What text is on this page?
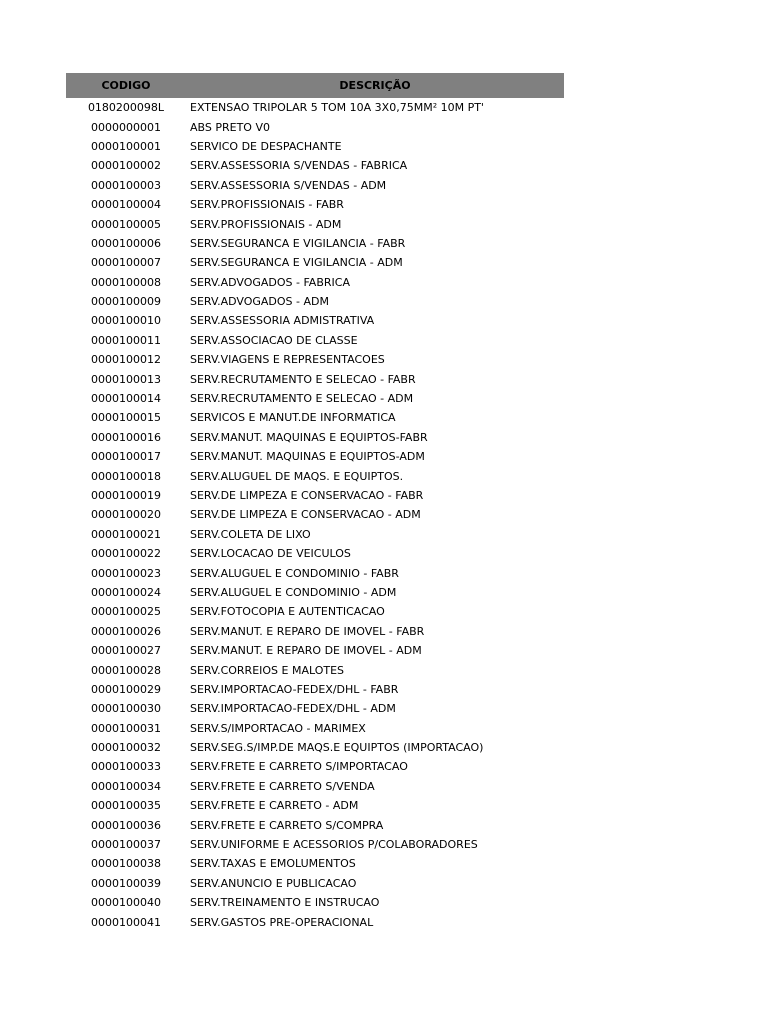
CODIGO	DESCRIÇÃO
0180200098L	EXTENSAO TRIPOLAR 5 TOM 10A 3X0,75MM² 10M PT'
0000000001	ABS PRETO V0
0000100001	SERVICO DE DESPACHANTE
0000100002	SERV.ASSESSORIA S/VENDAS - FABRICA
0000100003	SERV.ASSESSORIA S/VENDAS - ADM
0000100004	SERV.PROFISSIONAIS - FABR
0000100005	SERV.PROFISSIONAIS - ADM
0000100006	SERV.SEGURANCA E VIGILANCIA - FABR
0000100007	SERV.SEGURANCA E VIGILANCIA - ADM
0000100008	SERV.ADVOGADOS - FABRICA
0000100009	SERV.ADVOGADOS - ADM
0000100010	SERV.ASSESSORIA ADMISTRATIVA
0000100011	SERV.ASSOCIACAO DE CLASSE
0000100012	SERV.VIAGENS E REPRESENTACOES
0000100013	SERV.RECRUTAMENTO E SELECAO - FABR
0000100014	SERV.RECRUTAMENTO E SELECAO - ADM
0000100015	SERVICOS E MANUT.DE INFORMATICA
0000100016	SERV.MANUT. MAQUINAS E EQUIPTOS-FABR
0000100017	SERV.MANUT. MAQUINAS E EQUIPTOS-ADM
0000100018	SERV.ALUGUEL DE MAQS. E EQUIPTOS.
0000100019	SERV.DE LIMPEZA E CONSERVACAO - FABR
0000100020	SERV.DE LIMPEZA E CONSERVACAO - ADM
0000100021	SERV.COLETA DE LIXO
0000100022	SERV.LOCACAO DE VEICULOS
0000100023	SERV.ALUGUEL E CONDOMINIO - FABR
0000100024	SERV.ALUGUEL E CONDOMINIO - ADM
0000100025	SERV.FOTOCOPIA E AUTENTICACAO
0000100026	SERV.MANUT. E REPARO DE IMOVEL - FABR
0000100027	SERV.MANUT. E REPARO DE IMOVEL - ADM
0000100028	SERV.CORREIOS E MALOTES
0000100029	SERV.IMPORTACAO-FEDEX/DHL - FABR
0000100030	SERV.IMPORTACAO-FEDEX/DHL - ADM
0000100031	SERV.S/IMPORTACAO - MARIMEX
0000100032	SERV.SEG.S/IMP.DE MAQS.E EQUIPTOS (IMPORTACAO)
0000100033	SERV.FRETE E CARRETO S/IMPORTACAO
0000100034	SERV.FRETE E CARRETO S/VENDA
0000100035	SERV.FRETE E CARRETO - ADM
0000100036	SERV.FRETE E CARRETO S/COMPRA
0000100037	SERV.UNIFORME E ACESSORIOS P/COLABORADORES
0000100038	SERV.TAXAS E EMOLUMENTOS
0000100039	SERV.ANUNCIO E PUBLICACAO
0000100040	SERV.TREINAMENTO E INSTRUCAO
0000100041	SERV.GASTOS PRE-OPERACIONAL
